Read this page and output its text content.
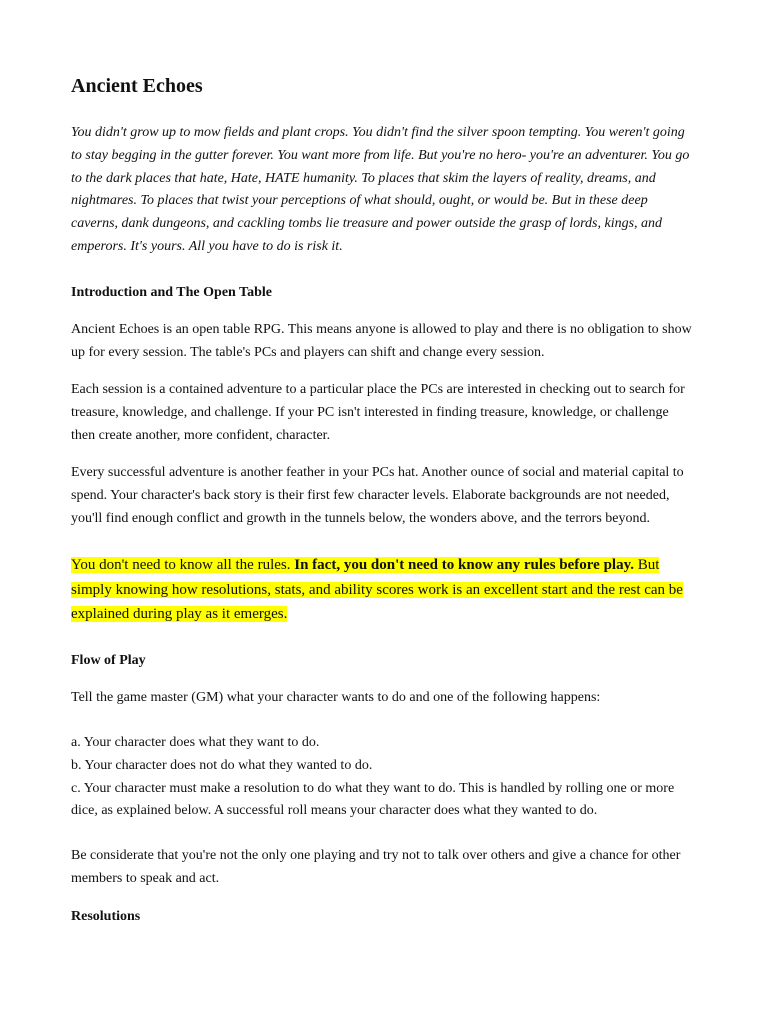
Ancient Echoes

You didn't grow up to mow fields and plant crops. You didn't find the silver spoon tempting. You weren't going to stay begging in the gutter forever. You want more from life. But you're no hero- you're an adventurer. You go to the dark places that hate, Hate, HATE humanity. To places that skim the layers of reality, dreams, and nightmares. To places that twist your perceptions of what should, ought, or would be. But in these deep caverns, dank dungeons, and cackling tombs lie treasure and power outside the grasp of lords, kings, and emperors. It's yours. All you have to do is risk it.

Introduction and The Open Table

Ancient Echoes is an open table RPG. This means anyone is allowed to play and there is no obligation to show up for every session. The table's PCs and players can shift and change every session.

Each session is a contained adventure to a particular place the PCs are interested in checking out to search for treasure, knowledge, and challenge. If your PC isn't interested in finding treasure, knowledge, or challenge then create another, more confident, character.

Every successful adventure is another feather in your PCs hat. Another ounce of social and material capital to spend. Your character's back story is their first few character levels. Elaborate backgrounds are not needed, you'll find enough conflict and growth in the tunnels below, the wonders above, and the terrors beyond.

You don't need to know all the rules. In fact, you don't need to know any rules before play. But simply knowing how resolutions, stats, and ability scores work is an excellent start and the rest can be explained during play as it emerges.

Flow of Play

Tell the game master (GM) what your character wants to do and one of the following happens:

a. Your character does what they want to do.
b. Your character does not do what they wanted to do.
c. Your character must make a resolution to do what they want to do. This is handled by rolling one or more dice, as explained below. A successful roll means your character does what they wanted to do.

Be considerate that you're not the only one playing and try not to talk over others and give a chance for other members to speak and act.

Resolutions
